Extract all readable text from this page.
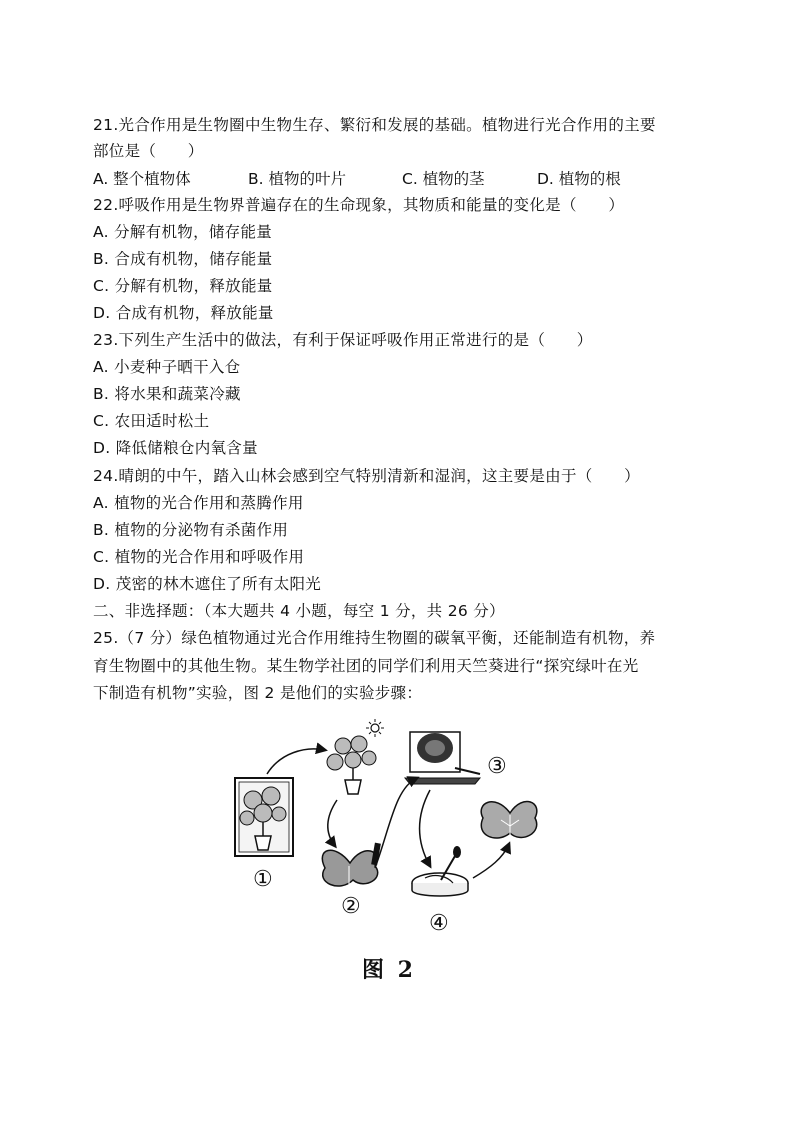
21.光合作用是生物圈中生物生存、繁衍和发展的基础。植物进行光合作用的主要
部位是（　　）
A. 整个植物体	B. 植物的叶片	C. 植物的茎	D. 植物的根
22.呼吸作用是生物界普遍存在的生命现象，其物质和能量的变化是（　　）
A. 分解有机物，储存能量
B. 合成有机物，储存能量
C. 分解有机物，释放能量
D. 合成有机物，释放能量
23.下列生产生活中的做法，有利于保证呼吸作用正常进行的是（　　）
A. 小麦种子晒干入仓
B. 将水果和蔬菜冷藏
C. 农田适时松土
D. 降低储粮仓内氧含量
24.晴朗的中午，踏入山林会感到空气特别清新和湿润，这主要是由于（　　）
A. 植物的光合作用和蒸腾作用
B. 植物的分泌物有杀菌作用
C. 植物的光合作用和呼吸作用
D. 茂密的林木遮住了所有太阳光
二、非选择题：（本大题共 4 小题，每空 1 分，共 26 分）
25.（7 分）绿色植物通过光合作用维持生物圈的碳氧平衡，还能制造有机物，养
育生物圈中的其他生物。某生物学社团的同学们利用天竺葵进行“探究绿叶在光
下制造有机物”实验，图 2 是他们的实验步骤：
①
②
③
④
图 2
